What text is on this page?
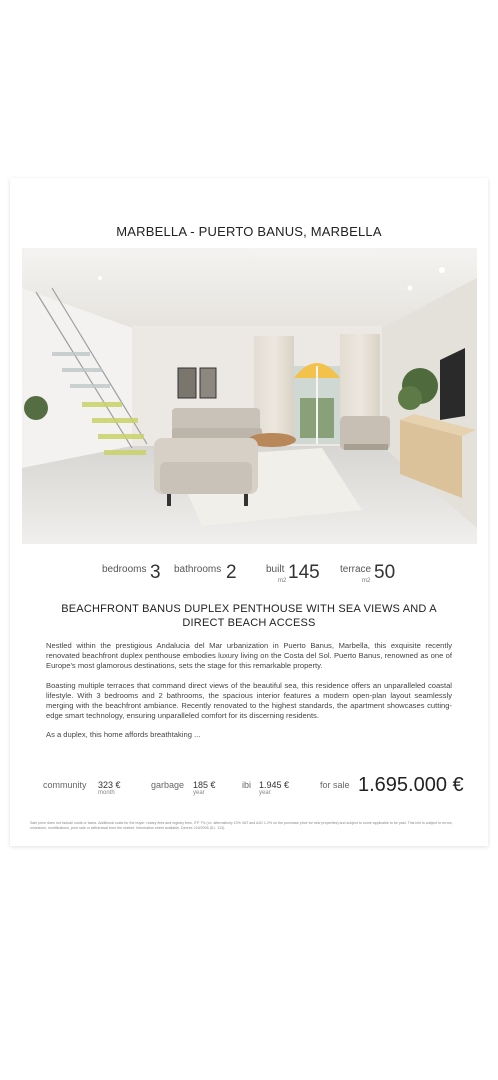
MARBELLA - PUERTO BANUS, MARBELLA
bedrooms 3 bathrooms 2	built
m2 145 terrace
m2 50
BEACHFRONT BANUS DUPLEX PENTHOUSE WITH SEA VIEWS AND A DIRECT BEACH ACCESS

Nestled within the prestigious Andalucia del Mar urbanization in Puerto Banus, Marbella, this exquisite recently renovated beachfront duplex penthouse embodies luxury living on the Costa del Sol. Puerto Banus, renowned as one of Europe's most glamorous destinations, sets the stage for this remarkable property.

Boasting multiple terraces that command direct views of the beautiful sea, this residence offers an unparalleled coastal lifestyle. With 3 bedrooms and 2 bathrooms, the spacious interior features a modern open-plan layout seamlessly merging with the beachfront ambiance. Recently renovated to the highest standards, the apartment showcases cutting-edge smart technology, ensuring unparalleled comfort for its discerning residents.

As a duplex, this home affords breathtaking ...

community 323 €
month
garbage 185 €
year
ibi 1.945 €
year
for sale 1.695.000 €
Sale price does not include costs or taxes. Additional costs for the buyer: notary fees and registry fees, ITP 7% (i.e. alternatively 10% VAT and AJD 1.2% on the purchase price for new properties) and subject to some applicable to be paid. This info is subject to errors, omissions, modifications, prior sale or withdrawal from the market. Information sheet available, Decree 218/2005 (D.I. 113).
